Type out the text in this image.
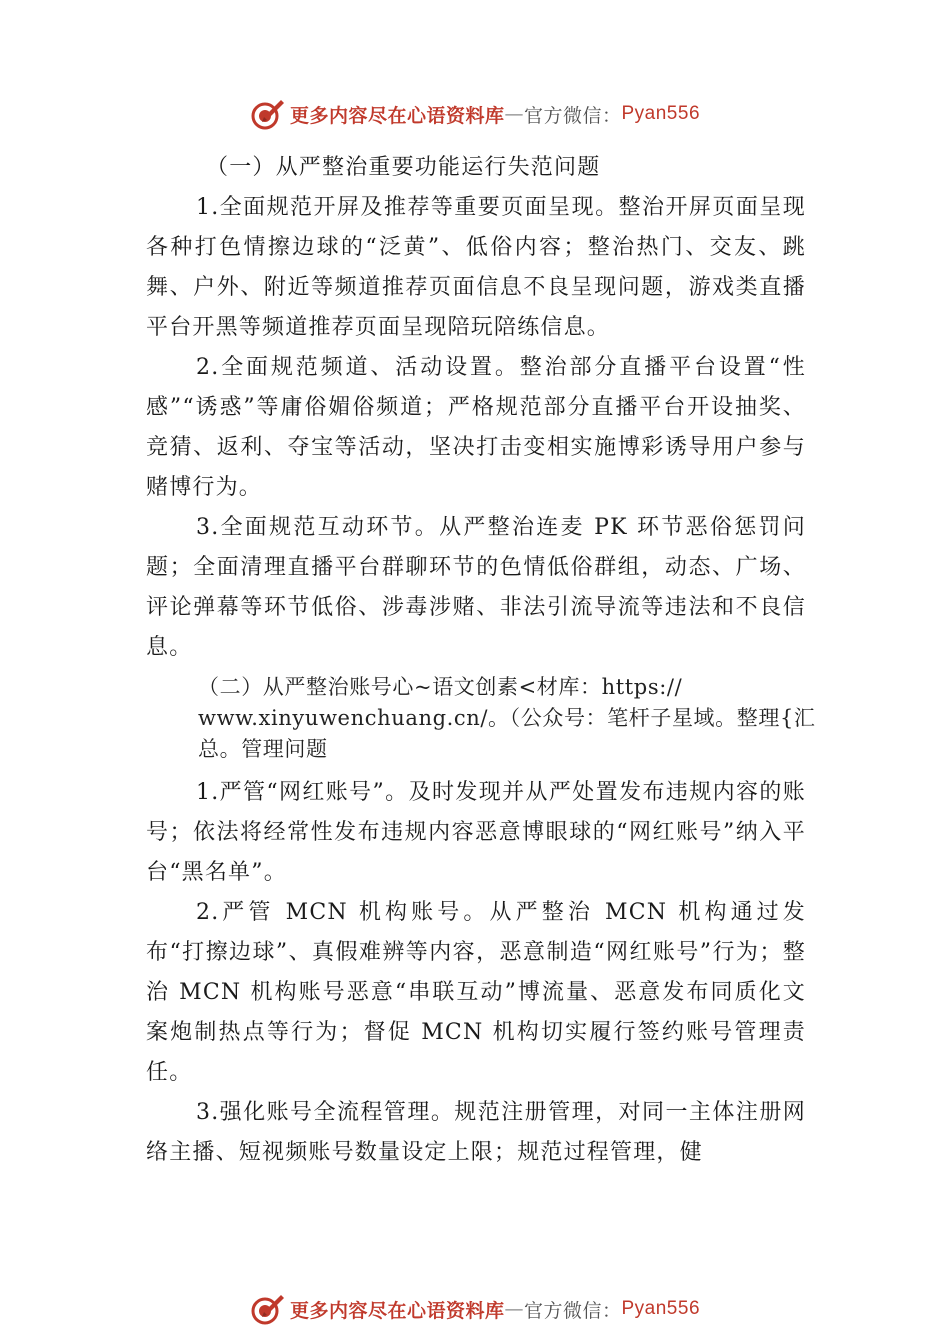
更多内容尽在心语资料库 — 官方微信： Pyan556

（一）从严整治重要功能运行失范问题

1.全面规范开屏及推荐等重要页面呈现。整治开屏页面呈现各种打色情擦边球的“泛黄”、低俗内容；整治热门、交友、跳舞、户外、附近等频道推荐页面信息不良呈现问题，游戏类直播平台开黑等频道推荐页面呈现陪玩陪练信息。

2.全面规范频道、活动设置。整治部分直播平台设置“性感”“诱惑”等庸俗媚俗频道；严格规范部分直播平台开设抽奖、竞猜、返利、夺宝等活动，坚决打击变相实施博彩诱导用户参与赌博行为。

3.全面规范互动环节。从严整治连麦 PK 环节恶俗惩罚问题；全面清理直播平台群聊环节的色情低俗群组，动态、广场、评论弹幕等环节低俗、涉毒涉赌、非法引流导流等违法和不良信息。

（二）从严整治账号心~语文创素<材库：https://
www.xinyuwenchuang.cn/。（公众号：笔杆子星域。整理{汇总。管理问题

1.严管“网红账号”。及时发现并从严处置发布违规内容的账号；依法将经常性发布违规内容恶意博眼球的“网红账号”纳入平台“黑名单”。

2.严管 MCN 机构账号。从严整治 MCN 机构通过发布“打擦边球”、真假难辨等内容，恶意制造“网红账号”行为；整治 MCN 机构账号恶意“串联互动”博流量、恶意发布同质化文案炮制热点等行为；督促 MCN 机构切实履行签约账号管理责任。

3.强化账号全流程管理。规范注册管理，对同一主体注册网络主播、短视频账号数量设定上限；规范过程管理，健

更多内容尽在心语资料库 — 官方微信： Pyan556
